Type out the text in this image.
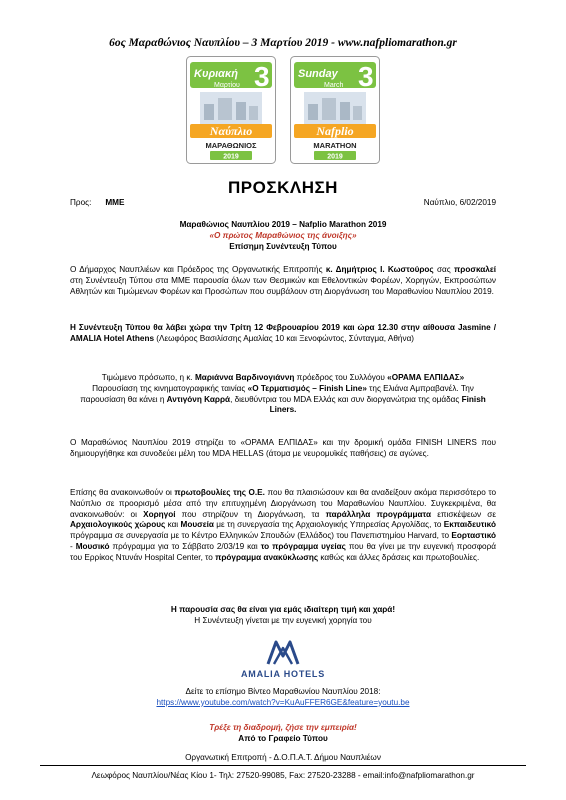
6ος Μαραθώνιος Ναυπλίου – 3 Μαρτίου 2019 - www.nafpliomarathon.gr
Κυριακή 3
Μαρτίου
Ναύπλιο
ΜΑΡΑΘΩΝΙΟΣ
2019
Sunday 3
March
Nafplio
MARATHON
2019
ΠΡΟΣΚΛΗΣΗ
Προς: ΜΜΕ	Ναύπλιο, 6/02/2019
Μαραθώνιος Ναυπλίου 2019 – Nafplio Marathon 2019
«Ο πρώτος Μαραθώνιος της άνοιξης»
Επίσημη Συνέντευξη Τύπου
Ο Δήμαρχος Ναυπλιέων και Πρόεδρος της Οργανωτικής Επιτροπής κ. Δημήτριος Ι. Κωστούρος σας προσκαλεί στη Συνέντευξη Τύπου στα ΜΜΕ παρουσία όλων των Θεσμικών και Εθελοντικών Φορέων, Χορηγών, Εκπροσώπων Αθλητών και Τιμώμενων Φορέων και Προσώπων που συμβάλουν στη Διοργάνωση του Μαραθωνίου Ναυπλίου 2019.
Η Συνέντευξη Τύπου θα λάβει χώρα την Τρίτη 12 Φεβρουαρίου 2019 και ώρα 12.30 στην αίθουσα Jasmine / AMALIA Hotel Athens (Λεωφόρος Βασιλίσσης Αμαλίας 10 και Ξενοφώντος, Σύνταγμα, Αθήνα)
Τιμώμενο πρόσωπο, η κ. Μαριάννα Βαρδινογιάννη πρόεδρος του Συλλόγου «ΟΡΑΜΑ ΕΛΠΙΔΑΣ»
Παρουσίαση της κινηματογραφικής ταινίας «Ο Τερματισμός – Finish Line» της Ελιάνα Αμπραβανέλ. Την παρουσίαση θα κάνει η Αντιγόνη Καρρά, διευθύντρια του MDA Ελλάς και συν διοργανώτρια της ομάδας Finish Liners.
Ο Μαραθώνιος Ναυπλίου 2019 στηρίζει το «ΟΡΑΜΑ ΕΛΠΙΔΑΣ» και την δρομική ομάδα FINISH LINERS που δημιουργήθηκε και συνοδεύει μέλη του MDA HELLAS (άτομα με νευρομυϊκές παθήσεις) σε αγώνες.
Επίσης θα ανακοινωθούν οι πρωτοβουλίες της Ο.Ε. που θα πλαισιώσουν και θα αναδείξουν ακόμα περισσότερο το Ναύπλιο σε προορισμό μέσα από την επιτυχημένη Διοργάνωση του Μαραθωνίου Ναυπλίου. Συγκεκριμένα, θα ανακοινωθούν: οι Χορηγοί που στηρίζουν τη Διοργάνωση, τα παράλληλα προγράμματα επισκέψεων σε Αρχαιολογικούς χώρους και Μουσεία με τη συνεργασία της Αρχαιολογικής Υπηρεσίας Αργολίδας, το Εκπαιδευτικό πρόγραμμα σε συνεργασία με το Κέντρο Ελληνικών Σπουδών (Ελλάδος) του Πανεπιστημίου Harvard, το Εορταστικό - Μουσικό πρόγραμμα για το Σάββατο 2/03/19 και το πρόγραμμα υγείας που θα γίνει με την ευγενική προσφορά του Ερρίκος Ντυνάν Hospital Center, το πρόγραμμα ανακύκλωσης καθώς και άλλες δράσεις και πρωτοβουλίες.
Η παρουσία σας θα είναι για εμάς ιδιαίτερη τιμή και χαρά!
Η Συνέντευξη γίνεται με την ευγενική χορηγία του
AMALIA HOTELS
Δείτε το επίσημο Βίντεο Μαραθωνίου Ναυπλίου 2018:
https://www.youtube.com/watch?v=KuAuFFER6GE&feature=youtu.be
Τρέξε τη διαδρομή, ζήσε την εμπειρία!
Από το Γραφείο Τύπου
Οργανωτική Επιτροπή - Δ.Ο.Π.Α.Τ. Δήμου Ναυπλιέων
Λεωφόρος Ναυπλίου/Νέας Κίου 1- Τηλ: 27520-99085, Fax: 27520-23288 - email:info@nafpliomarathon.gr
